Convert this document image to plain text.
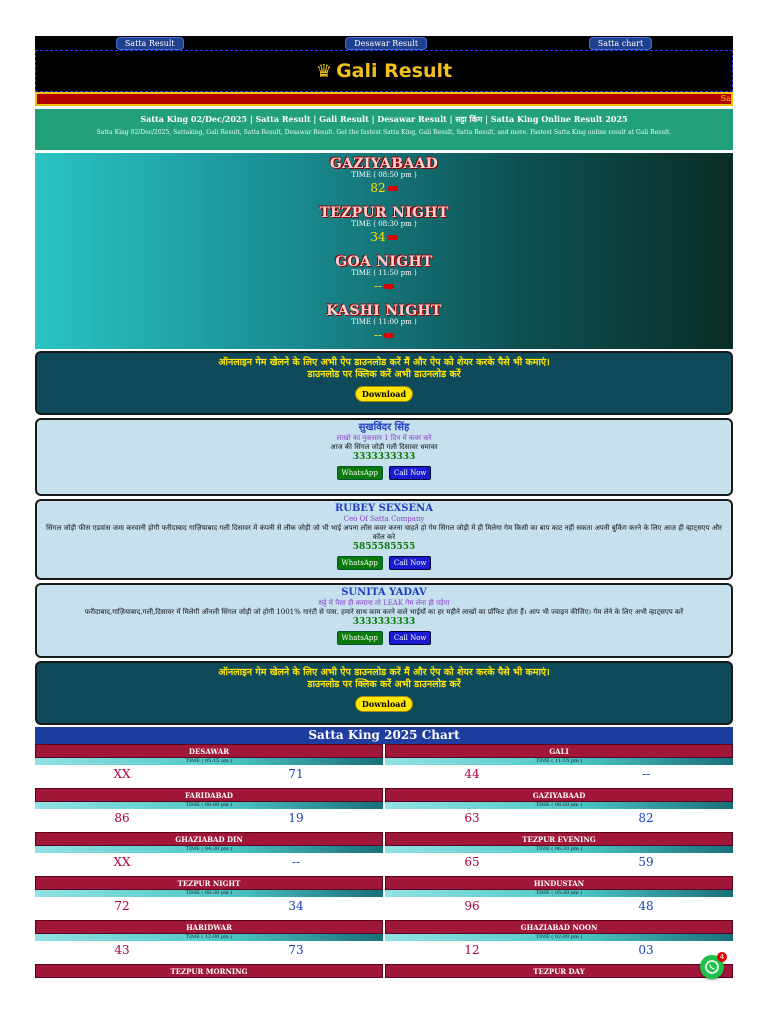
Satta Result	Desawar Result	Satta chart
♛ Gali Result
Sa
Satta King 02/Dec/2025 | Satta Result | Gali Result | Desawar Result | सट्टा किंग | Satta King Online Result 2025
Satta King 02/Dec/2025, Sattaking, Gali Result, Satta Result, Desawar Result. Get the fastest Satta King, Gali Result, Satta Result, and more. Fastest Satta King online result at Gali Result.
GAZIYABAAD
TIME ( 08:50 pm )
82
TEZPUR NIGHT
TIME ( 08:30 pm )
34
GOA NIGHT
TIME ( 11:50 pm )
--
KASHI NIGHT
TIME ( 11:00 pm )
--
ऑनलाइन गेम खेलने के लिए अभी ऐप डाउनलोड करें मैं और ऐप को शेयर करके पैसे भी कमाएं।
डाउनलोड पर क्लिक करें अभी डाउनलोड करें
Download
सुखविंदर सिंह
लाखो का नुकसान 1 दिन में कवर करे
आज की सिंगल जोड़ी गली दिसावर धमाका
3333333333
WhatsApp	Call Now
RUBEY SEXSENA
Ceo Of Satta Company
सिंगल जोड़ी फीस एडवांस जमा करवानी होगी फरीदाबाद गाज़ियाबाद गली दिसावर में कंपनी से लीक जोड़ी जो भी भाई अपना लॉस कवर करना चाहते हो गेम सिंगल जोड़ी में ही मिलेगा गेम किसी का बाप काट नहीं सकता अपनी बुकिंग करने के लिए आज ही व्हाट्सएप और कॉल करे
5855585555
WhatsApp	Call Now
SUNITA YADAV
सट्टे में पैसा ही कमाना तो LEAK गेम लेना ही पड़ेगा
फरीदाबाद,गाज़ियाबाद,गली,दिसावर में मिलेगी ऑनली सिंगल जोड़ी जो होगी 1001% गारंटी से पास. हमारे साथ काम करने वाले भाईयों का हर महीने लाखों का प्रॉफिट होता हैं। आप भी ज्वाइन कीजिए। गेम लेने के लिए अभी व्हाट्सएप करें
3333333333
WhatsApp	Call Now
ऑनलाइन गेम खेलने के लिए अभी ऐप डाउनलोड करें मैं और ऐप को शेयर करके पैसे भी कमाएं।
डाउनलोड पर क्लिक करें अभी डाउनलोड करें
Download
Satta King 2025 Chart
DESAWAR
TIME ( 05:15 am )
XX	71
GALI
TIME ( 11:55 pm )
44	--
FARIDABAD
TIME ( 06:00 pm )
86	19
GAZIYABAAD
TIME ( 08:50 pm )
63	82
GHAZIABAD DIN
TIME ( 04:30 pm )
XX	--
TEZPUR EVENING
TIME ( 06:30 pm )
65	59
TEZPUR NIGHT
TIME ( 08:30 pm )
72	34
HINDUSTAN
TIME ( 05:30 pm )
96	48
HARIDWAR
TIME ( 12:00 pm )
43	73
GHAZIABAD NOON
TIME ( 02:00 pm )
12	03
TEZPUR MORNING	TEZPUR DAY
4
